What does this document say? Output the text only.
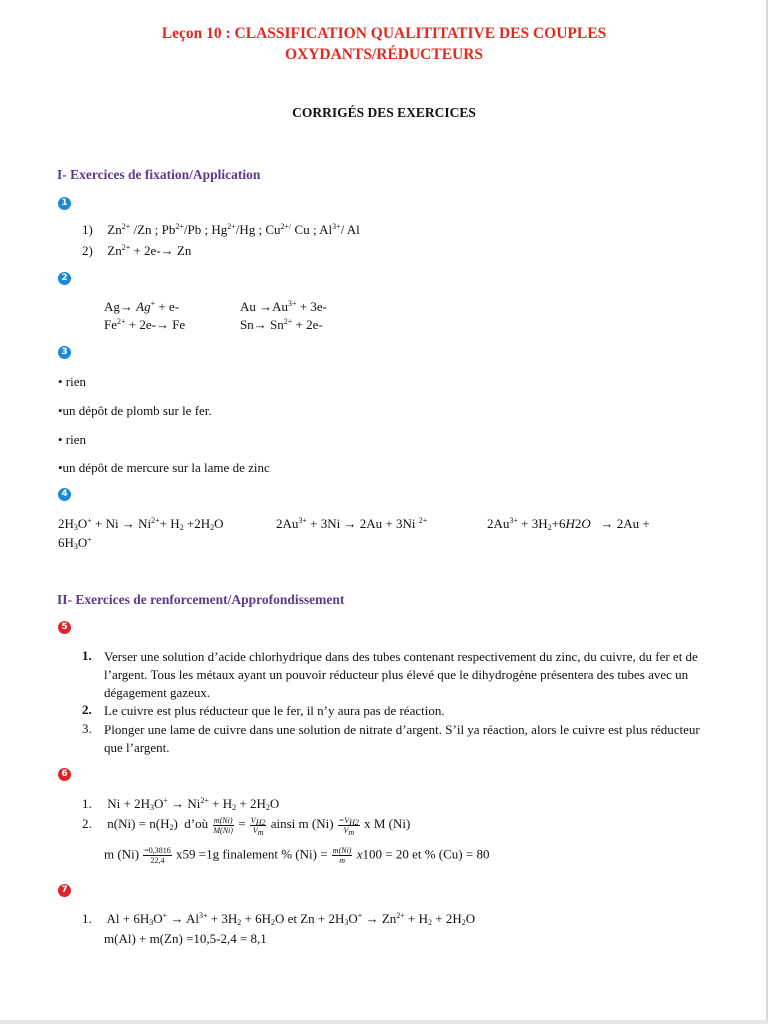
Leçon 10 : CLASSIFICATION QUALITITATIVE DES COUPLES
OXYDANTS/RÉDUCTEURS
CORRIGÉS DES EXERCICES
I- Exercices de fixation/Application
1
1) $Zn^{2+}$ /Zn ; $Pb^{2+}/Pb$ ; $Hg^{2+}/Hg$ ; $Cu^{2+/}$ Cu ; $Al^{3+}/$ Al
2) $Zn^{2+} + 2e-\to Zn$
2
Ag→ Ag+ + e-	$Au \to Au^{3+} + 3e-$
$Fe^{2+} + 2e-\to Fe$	$Sn\to Sn^{2+} + 2e-$
3
• rien
•un dépôt de plomb sur le fer.
• rien
•un dépôt de mercure sur la lame de zinc
4
$2H_3O^+ + Ni \to Ni^{2+}+ H_2 +2H_2O$	$2Au^{3+} + 3Ni \to 2Au + 3Ni$ $^{2+}$	$2Au^{3+} + 3H_2+6H2O \to 2Au$ +
$6H_3O^+$
II- Exercices de renforcement/Approfondissement
5
1. Verser une solution d’acide chlorhydrique dans des tubes contenant respectivement du zinc, du cuivre, du fer et de l’argent. Tous les métaux ayant un pouvoir réducteur plus élevé que le dihydrogène présentera des tubes avec un dégagement gazeux.
2. Le cuivre est plus réducteur que le fer, il n’y aura pas de réaction.
3. Plonger une lame de cuivre dans une solution de nitrate d’argent. S’il ya réaction, alors le cuivre est plus réducteur que l’argent.
6
1. $Ni + 2H_3O^+ \to Ni^{2+} + H_2 + 2H_2O$
2. $n(Ni) = n(H_2)$  d’où $\frac{m(Ni)}{M(Ni)} = \frac{V_{H2}}{V_m}$ ainsi m $(Ni) \frac{=V_{H2}}{V_m}$ x M (Ni)
m $(Ni) \frac{=0,3816}{22,4} x59 =1g$ finalement % $(Ni) = \frac{m(Ni)}{m} x100 = 20$ et % (Cu) = 80
7
1. $Al + 6H_3O^+ \to Al^{3+} + 3H_2 + 6H_2O$ et $Zn + 2H_3O^+ \to Zn^{2+} + H_2 + 2H_2O$
m(Al) + m(Zn) =10,5-2,4 = 8,1
